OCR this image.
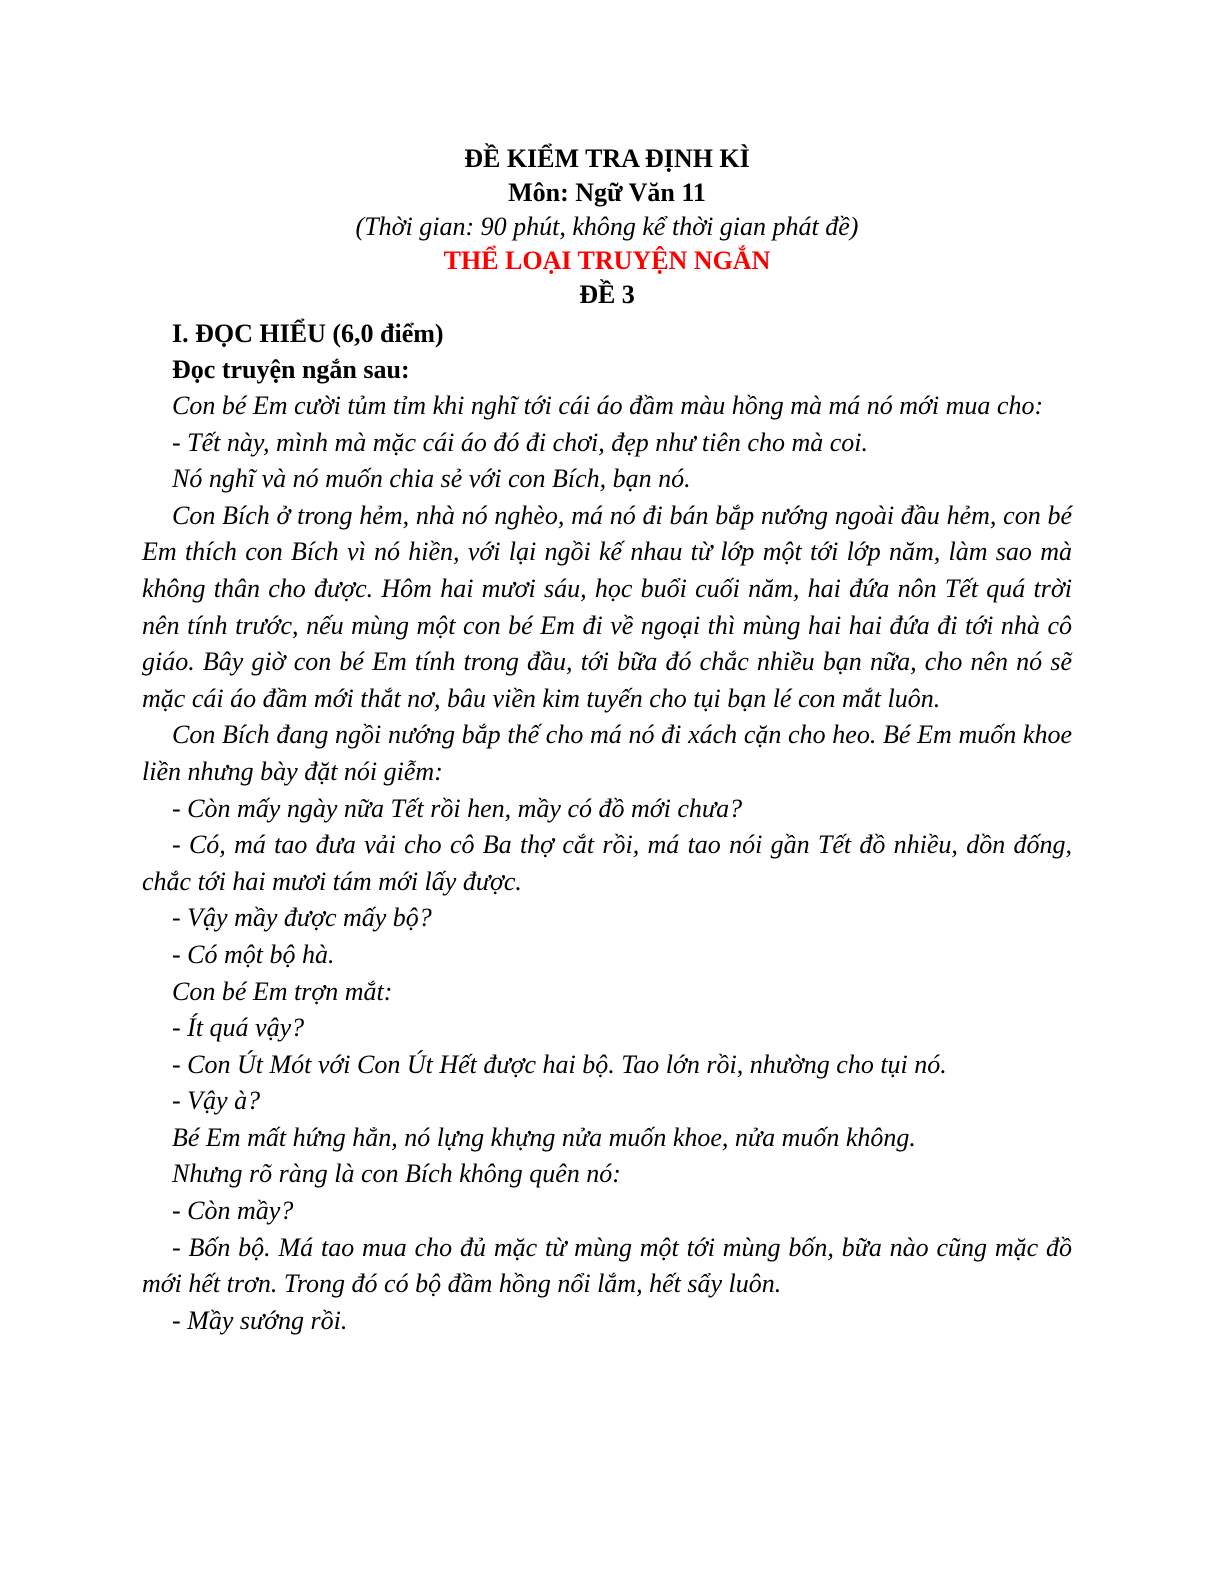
ĐỀ KIỂM TRA ĐỊNH KÌ

Môn: Ngữ Văn 11

(Thời gian: 90 phút, không kể thời gian phát đề)

THỂ LOẠI TRUYỆN NGẮN

ĐỀ 3

I. ĐỌC HIỂU (6,0 điểm)

Đọc truyện ngắn sau:

Con bé Em cười tủm tỉm khi nghĩ tới cái áo đầm màu hồng mà má nó mới mua cho:

- Tết này, mình mà mặc cái áo đó đi chơi, đẹp như tiên cho mà coi.

Nó nghĩ và nó muốn chia sẻ với con Bích, bạn nó.

Con Bích ở trong hẻm, nhà nó nghèo, má nó đi bán bắp nướng ngoài đầu hẻm, con bé Em thích con Bích vì nó hiền, với lại ngồi kế nhau từ lớp một tới lớp năm, làm sao mà không thân cho được. Hôm hai mươi sáu, học buổi cuối năm, hai đứa nôn Tết quá trời nên tính trước, nếu mùng một con bé Em đi về ngoại thì mùng hai hai đứa đi tới nhà cô giáo. Bây giờ con bé Em tính trong đầu, tới bữa đó chắc nhiều bạn nữa, cho nên nó sẽ mặc cái áo đầm mới thắt nơ, bâu viền kim tuyến cho tụi bạn lé con mắt luôn.

Con Bích đang ngồi nướng bắp thế cho má nó đi xách cặn cho heo. Bé Em muốn khoe liền nhưng bày đặt nói giễm:

- Còn mấy ngày nữa Tết rồi hen, mầy có đồ mới chưa?

- Có, má tao đưa vải cho cô Ba thợ cắt rồi, má tao nói gần Tết đồ nhiều, dồn đống, chắc tới hai mươi tám mới lấy được.

- Vậy mầy được mấy bộ?

- Có một bộ hà.

Con bé Em trợn mắt:

- Ít quá vậy?

- Con Út Mót với Con Út Hết được hai bộ. Tao lớn rồi, nhường cho tụi nó.

- Vậy à?

Bé Em mất hứng hẳn, nó lựng khựng nửa muốn khoe, nửa muốn không.

Nhưng rõ ràng là con Bích không quên nó:

- Còn mầy?

- Bốn bộ. Má tao mua cho đủ mặc từ mùng một tới mùng bốn, bữa nào cũng mặc đồ mới hết trơn. Trong đó có bộ đầm hồng nổi lắm, hết sẩy luôn.

- Mầy sướng rồi.
